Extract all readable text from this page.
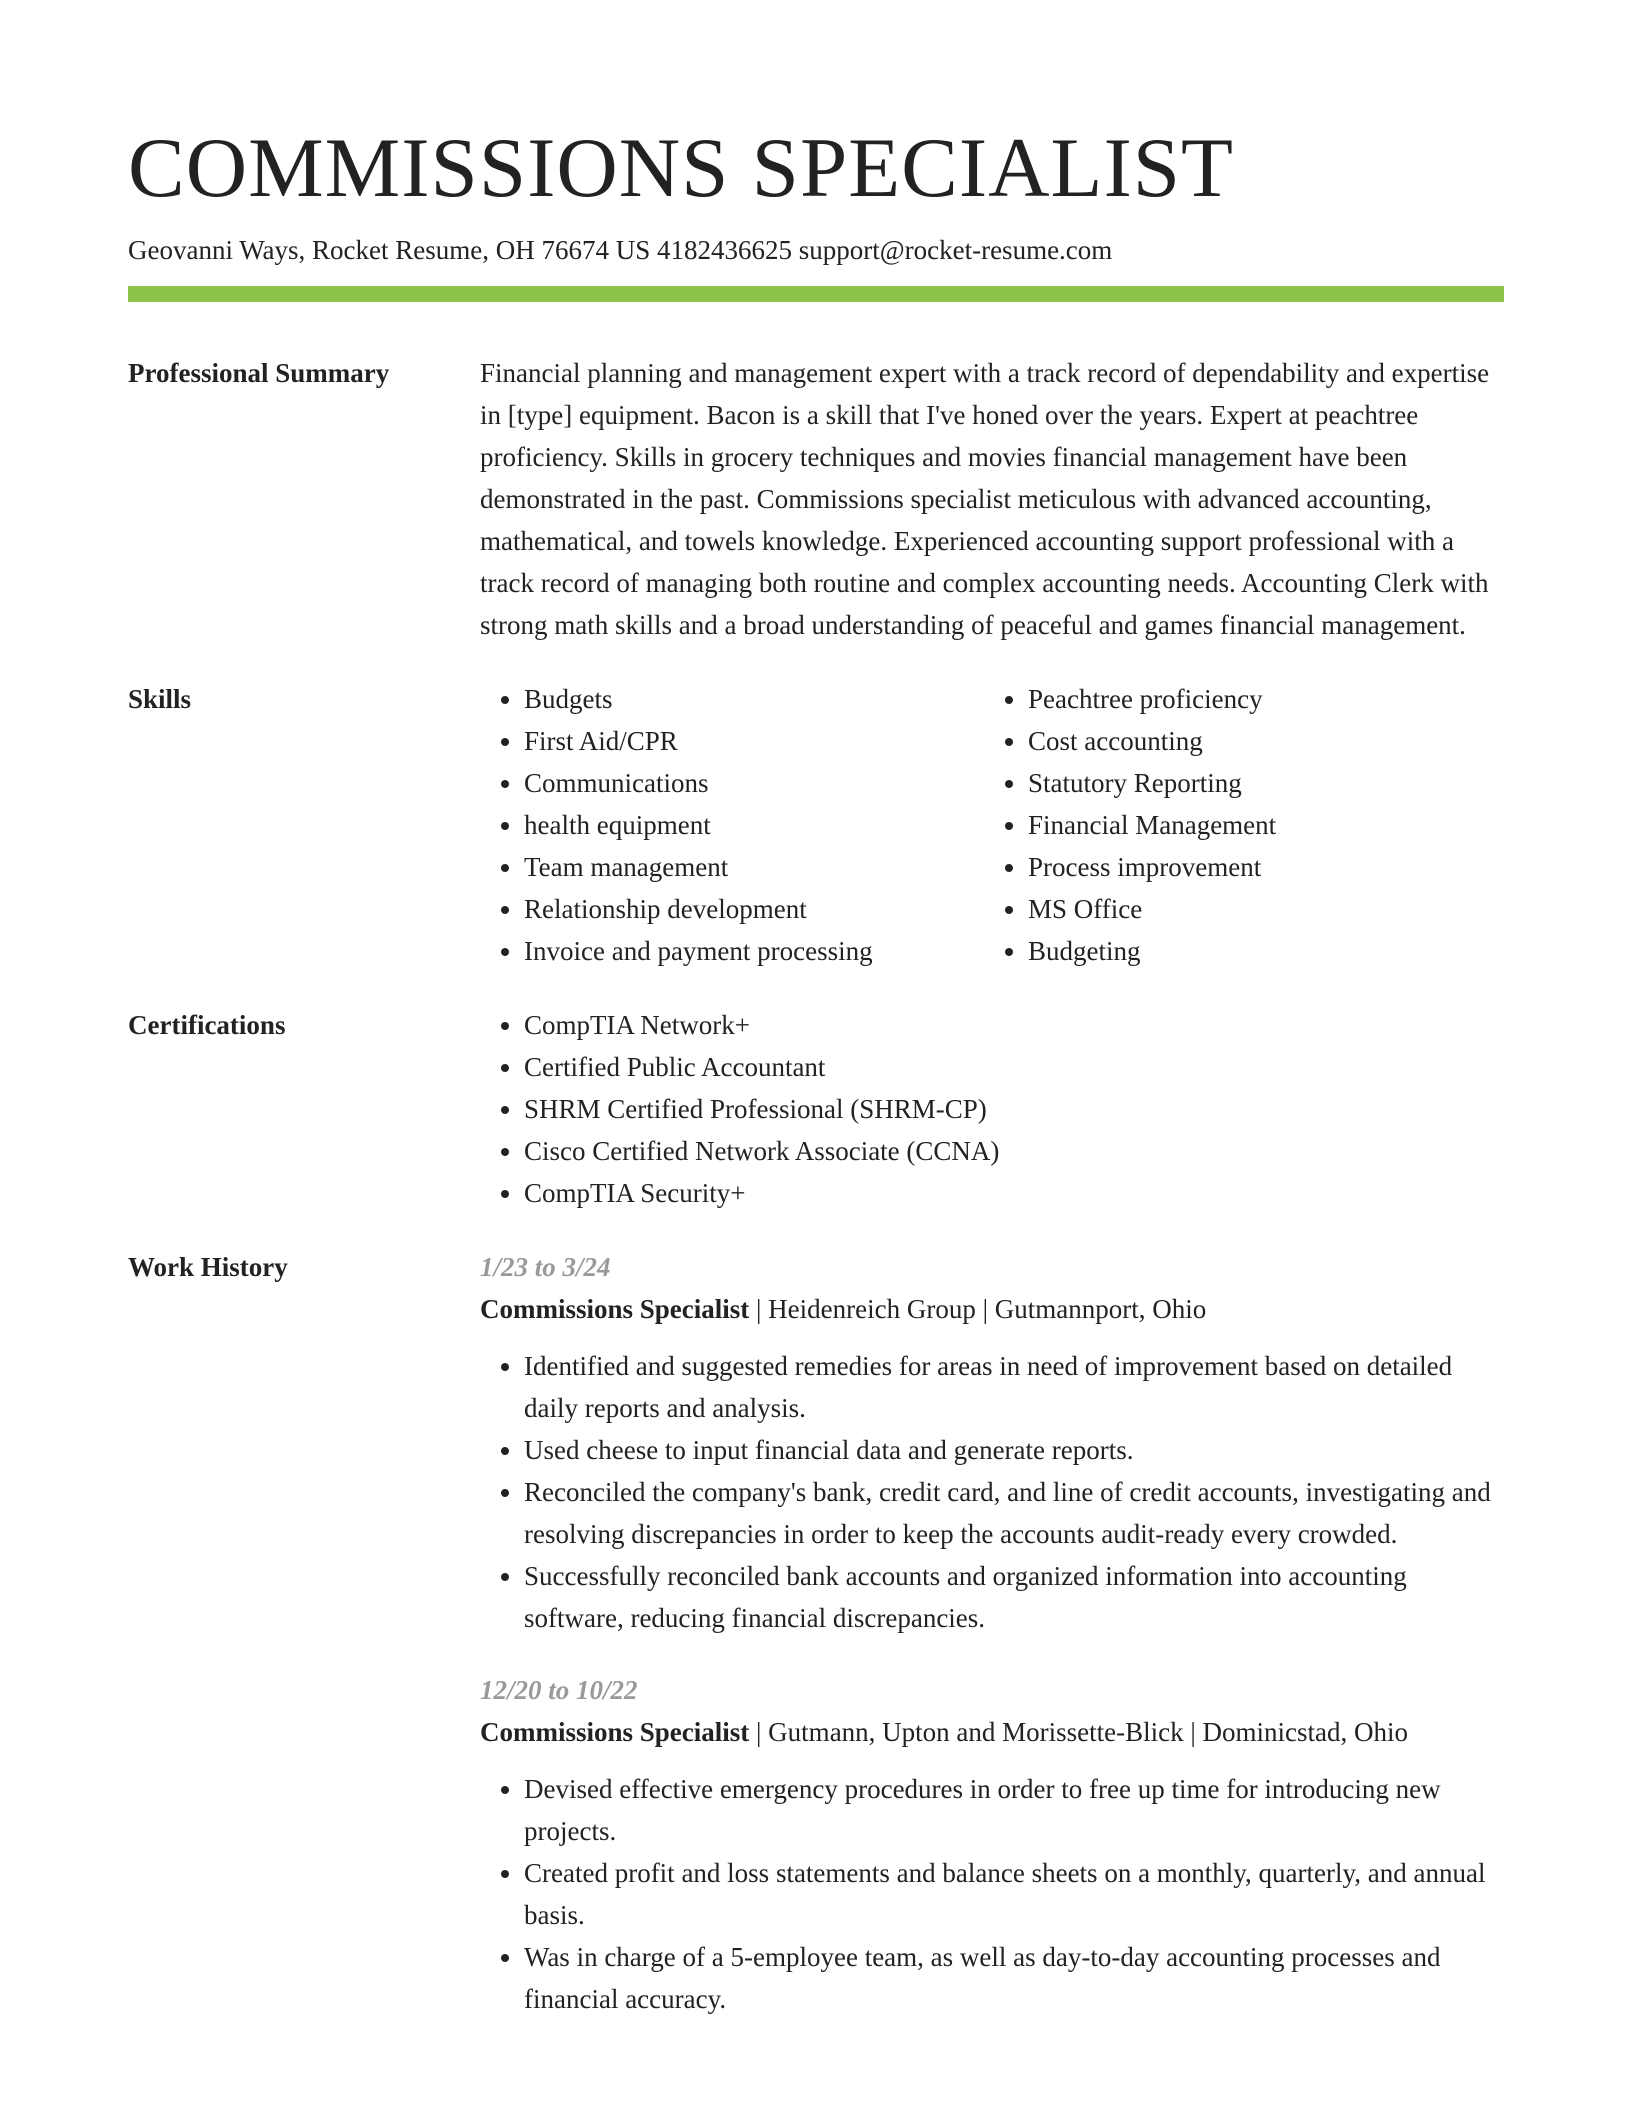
COMMISSIONS SPECIALIST
Geovanni Ways, Rocket Resume, OH 76674 US 4182436625 support@rocket-resume.com
Professional Summary	Financial planning and management expert with a track record of dependability and expertise in [type] equipment. Bacon is a skill that I've honed over the years. Expert at peachtree proficiency. Skills in grocery techniques and movies financial management have been demonstrated in the past. Commissions specialist meticulous with advanced accounting, mathematical, and towels knowledge. Experienced accounting support professional with a track record of managing both routine and complex accounting needs. Accounting Clerk with strong math skills and a broad understanding of peaceful and games financial management.
Skills	• Budgets
• First Aid/CPR
• Communications
• health equipment
• Team management
• Relationship development
• Invoice and payment processing
• Peachtree proficiency
• Cost accounting
• Statutory Reporting
• Financial Management
• Process improvement
• MS Office
• Budgeting
Certifications	• CompTIA Network+
• Certified Public Accountant
• SHRM Certified Professional (SHRM-CP)
• Cisco Certified Network Associate (CCNA)
• CompTIA Security+
Work History	1/23 to 3/24
Commissions Specialist | Heidenreich Group | Gutmannport, Ohio
• Identified and suggested remedies for areas in need of improvement based on detailed daily reports and analysis.
• Used cheese to input financial data and generate reports.
• Reconciled the company's bank, credit card, and line of credit accounts, investigating and resolving discrepancies in order to keep the accounts audit-ready every crowded.
• Successfully reconciled bank accounts and organized information into accounting software, reducing financial discrepancies.
12/20 to 10/22
Commissions Specialist | Gutmann, Upton and Morissette-Blick | Dominicstad, Ohio
• Devised effective emergency procedures in order to free up time for introducing new projects.
• Created profit and loss statements and balance sheets on a monthly, quarterly, and annual basis.
• Was in charge of a 5-employee team, as well as day-to-day accounting processes and financial accuracy.
